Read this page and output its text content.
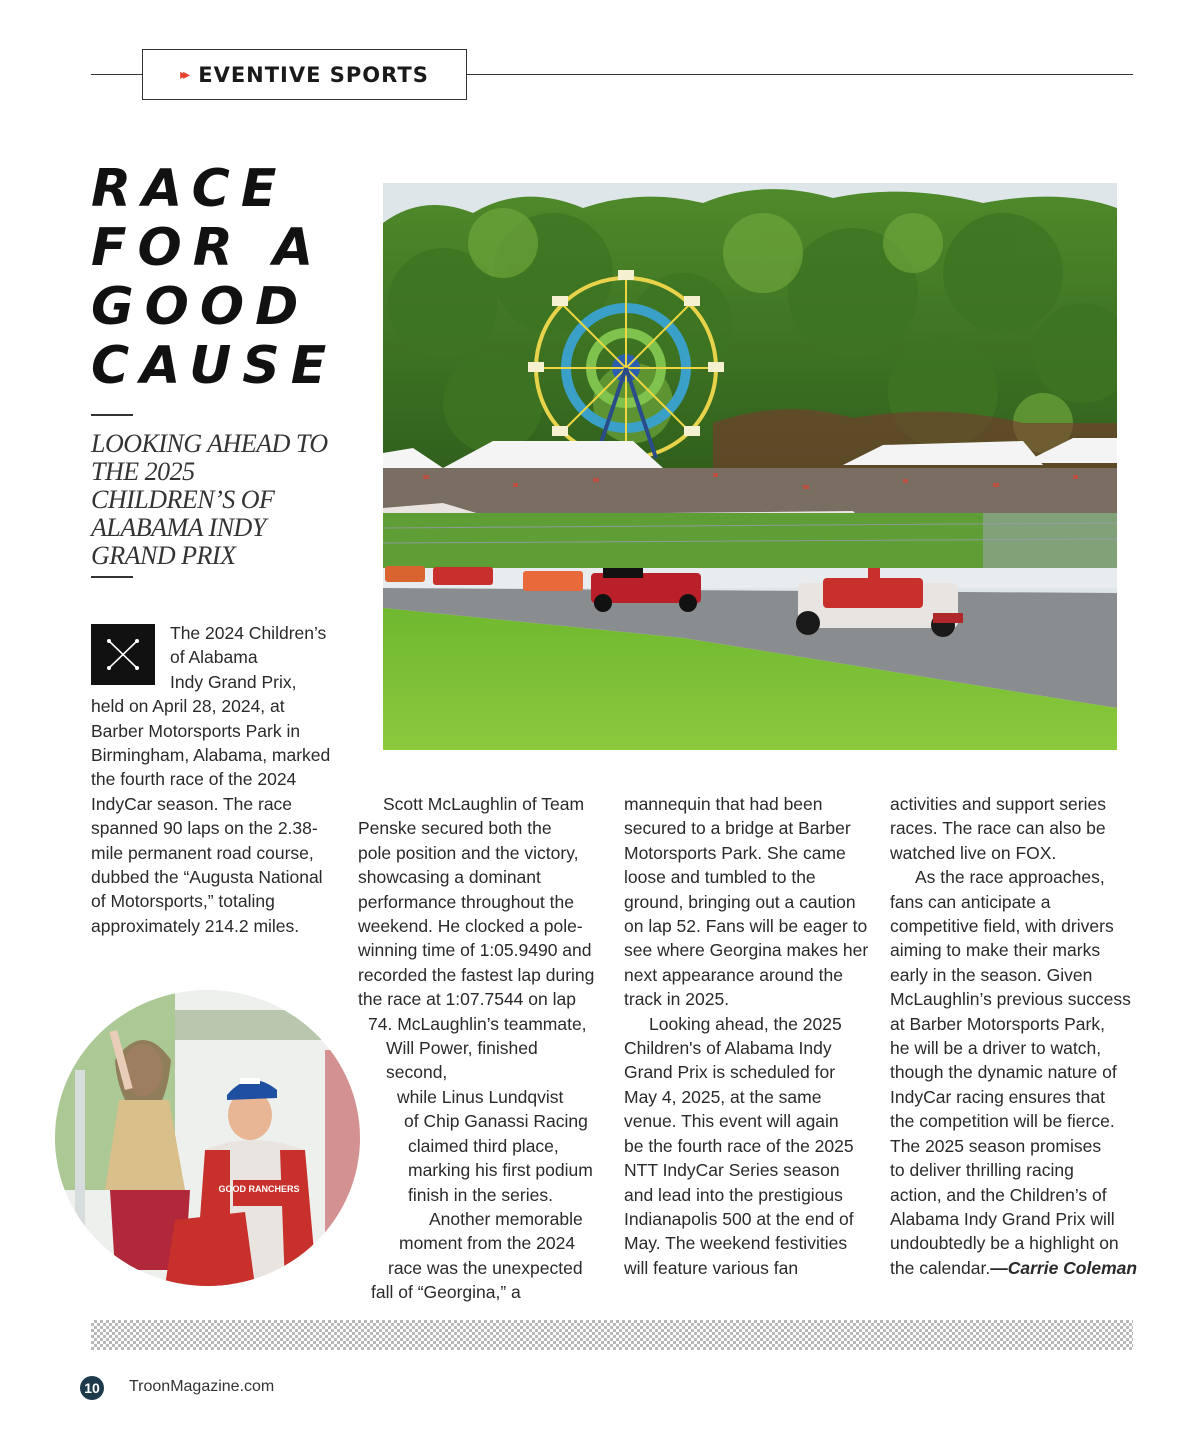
▸▸ EVENTIVE SPORTS
RACE
FOR A
GOOD
CAUSE
LOOKING AHEAD TO THE 2025 CHILDREN’S OF ALABAMA INDY GRAND PRIX
The 2024 Children’s
of Alabama
Indy Grand Prix,
held on April 28, 2024, at
Barber Motorsports Park in
Birmingham, Alabama, marked
the fourth race of the 2024
IndyCar season. The race
spanned 90 laps on the 2.38-
mile permanent road course,
dubbed the “Augusta National
of Motorsports,” totaling
approximately 214.2 miles.
Scott McLaughlin of Team
Penske secured both the
pole position and the victory,
showcasing a dominant
performance throughout the
weekend. He clocked a pole-
winning time of 1:05.9490 and
recorded the fastest lap during
the race at 1:07.7544 on lap
74. McLaughlin’s teammate,
Will Power, finished second,
while Linus Lundqvist
of Chip Ganassi Racing
claimed third place,
marking his first podium
finish in the series.
Another memorable
moment from the 2024
race was the unexpected
fall of “Georgina,” a
mannequin that had been
secured to a bridge at Barber
Motorsports Park. She came
loose and tumbled to the
ground, bringing out a caution
on lap 52. Fans will be eager to
see where Georgina makes her
next appearance around the
track in 2025.
Looking ahead, the 2025
Children's of Alabama Indy
Grand Prix is scheduled for
May 4, 2025, at the same
venue. This event will again
be the fourth race of the 2025
NTT IndyCar Series season
and lead into the prestigious
Indianapolis 500 at the end of
May. The weekend festivities
will feature various fan
activities and support series
races. The race can also be
watched live on FOX.
As the race approaches,
fans can anticipate a
competitive field, with drivers
aiming to make their marks
early in the season. Given
McLaughlin’s previous success
at Barber Motorsports Park,
he will be a driver to watch,
though the dynamic nature of
IndyCar racing ensures that
the competition will be fierce.
The 2025 season promises
to deliver thrilling racing
action, and the Children’s of
Alabama Indy Grand Prix will
undoubtedly be a highlight on
the calendar.—Carrie Coleman
GOOD RANCHERS
10 TroonMagazine.com
